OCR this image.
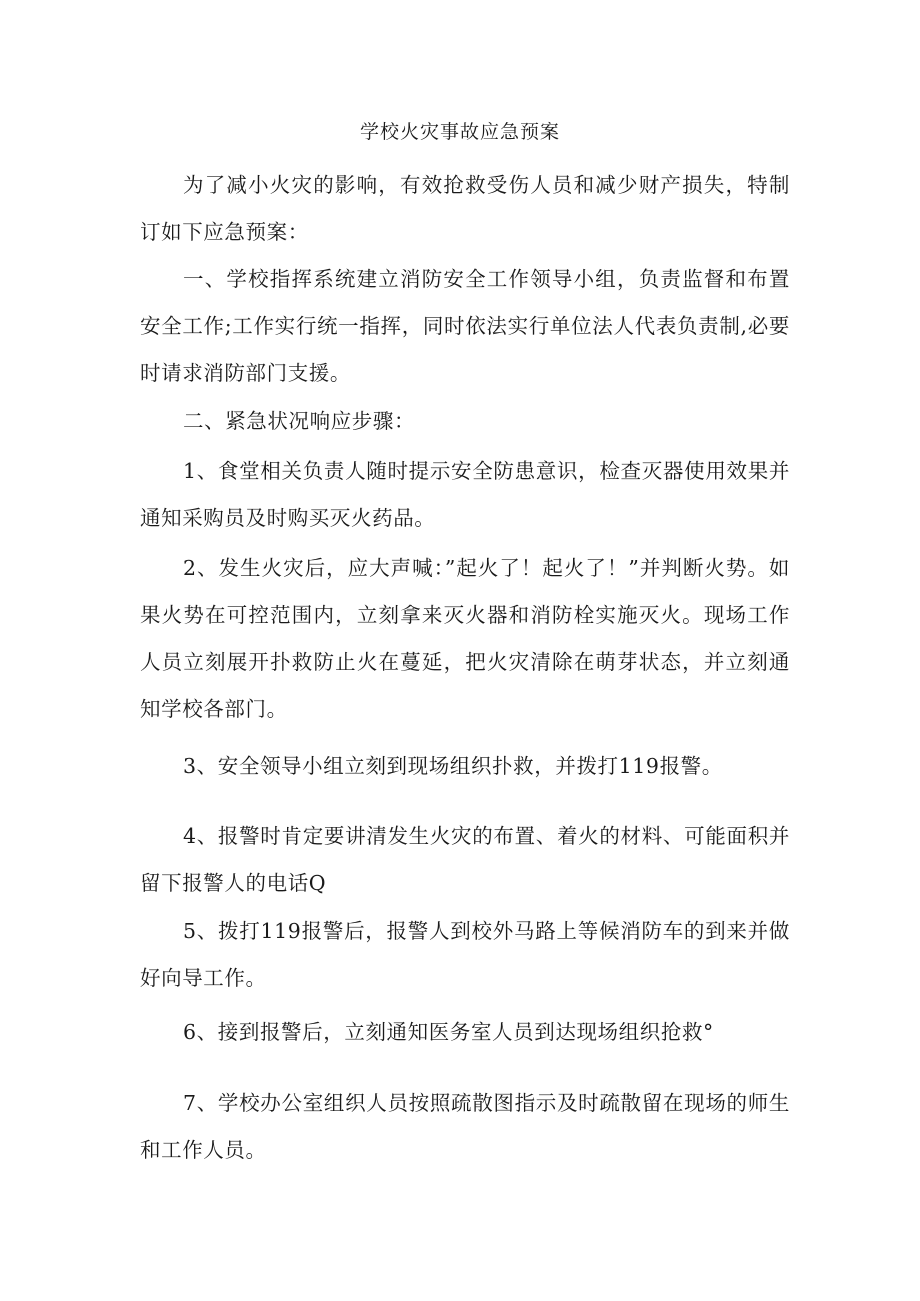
学校火灾事故应急预案

为了减小火灾的影响，有效抢救受伤人员和减少财产损失，特制订如下应急预案：

一、学校指挥系统建立消防安全工作领导小组，负责监督和布置安全工作;工作实行统一指挥，同时依法实行单位法人代表负责制,必要时请求消防部门支援。

二、紧急状况响应步骤：

1、食堂相关负责人随时提示安全防患意识，检查灭器使用效果并通知采购员及时购买灭火药品。

2、发生火灾后，应大声喊：”起火了！起火了！”并判断火势。如果火势在可控范围内，立刻拿来灭火器和消防栓实施灭火。现场工作人员立刻展开扑救防止火在蔓延，把火灾清除在萌芽状态，并立刻通知学校各部门。

3、安全领导小组立刻到现场组织扑救，并拨打119报警。

4、报警时肯定要讲清发生火灾的布置、着火的材料、可能面积并留下报警人的电话Q

5、拨打119报警后，报警人到校外马路上等候消防车的到来并做好向导工作。

6、接到报警后，立刻通知医务室人员到达现场组织抢救°

7、学校办公室组织人员按照疏散图指示及时疏散留在现场的师生和工作人员。
